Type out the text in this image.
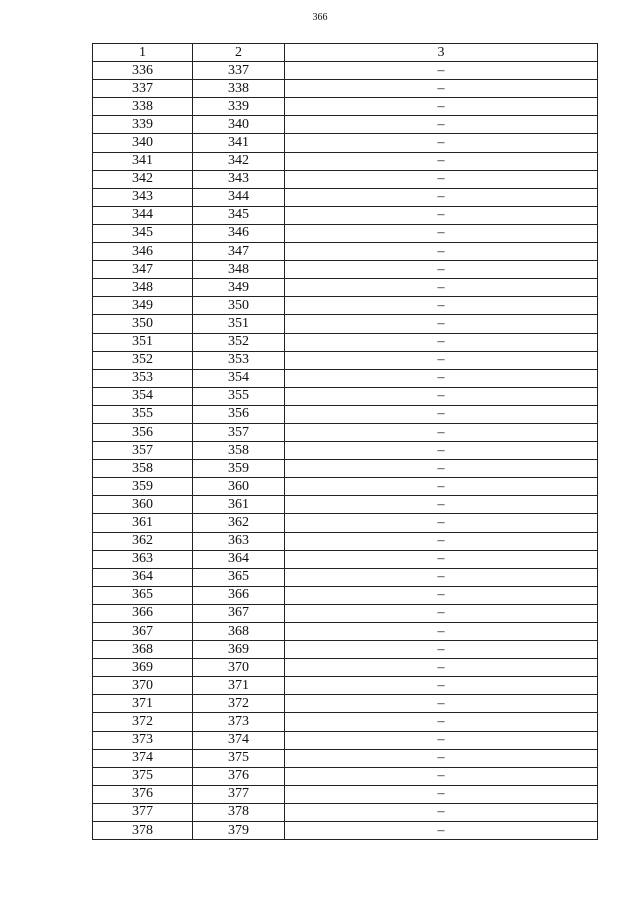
366
1	2	3
336	337	–
337	338	–
338	339	–
339	340	–
340	341	–
341	342	–
342	343	–
343	344	–
344	345	–
345	346	–
346	347	–
347	348	–
348	349	–
349	350	–
350	351	–
351	352	–
352	353	–
353	354	–
354	355	–
355	356	–
356	357	–
357	358	–
358	359	–
359	360	–
360	361	–
361	362	–
362	363	–
363	364	–
364	365	–
365	366	–
366	367	–
367	368	–
368	369	–
369	370	–
370	371	–
371	372	–
372	373	–
373	374	–
374	375	–
375	376	–
376	377	–
377	378	–
378	379	–
